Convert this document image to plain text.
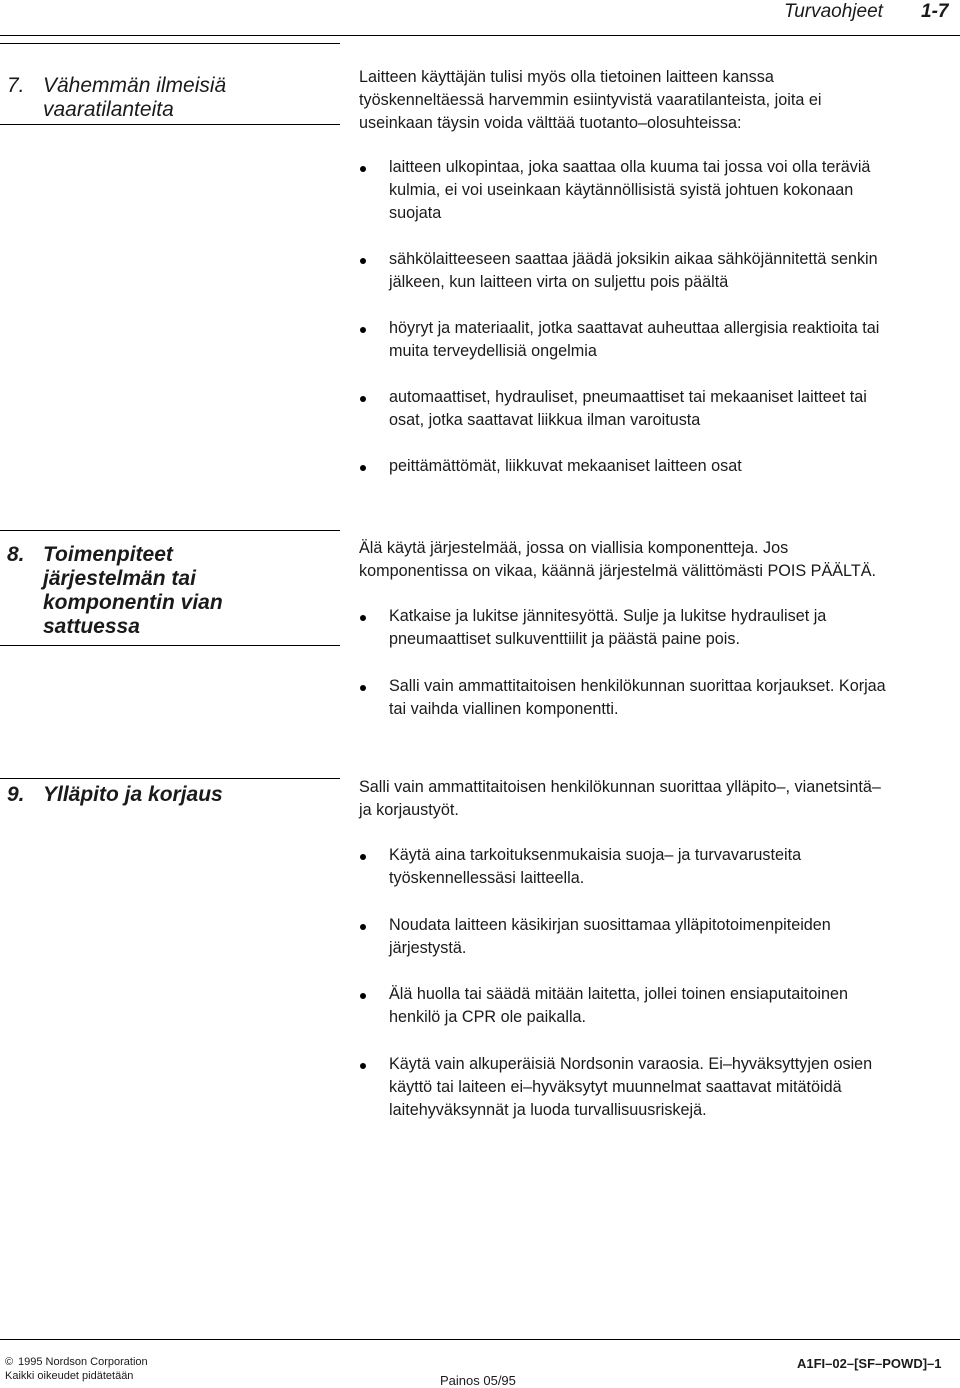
Turvaohjeet 1-7
7. Vähemmän ilmeisiä
vaaratilanteita
Laitteen käyttäjän tulisi myös olla tietoinen laitteen kanssa
työskenneltäessä harvemmin esiintyvistä vaaratilanteista, joita ei
useinkaan täysin voida välttää tuotanto–olosuhteissa:
laitteen ulkopintaa, joka saattaa olla kuuma tai jossa voi olla teräviä
kulmia, ei voi useinkaan käytännöllisistä syistä johtuen kokonaan
suojata
sähkölaitteeseen saattaa jäädä joksikin aikaa sähköjännitettä senkin
jälkeen, kun laitteen virta on suljettu pois päältä
höyryt ja materiaalit, jotka saattavat auheuttaa allergisia reaktioita tai
muita terveydellisiä ongelmia
automaattiset, hydrauliset, pneumaattiset tai mekaaniset laitteet tai
osat, jotka saattavat liikkua ilman varoitusta
peittämättömät, liikkuvat mekaaniset laitteen osat
8. Toimenpiteet
järjestelmän tai
komponentin vian
sattuessa
Älä käytä järjestelmää, jossa on viallisia komponentteja. Jos
komponentissa on vikaa, käännä järjestelmä välittömästi POIS PÄÄLTÄ.
Katkaise ja lukitse jännitesyöttä. Sulje ja lukitse hydrauliset ja
pneumaattiset sulkuventtiilit ja päästä paine pois.
Salli vain ammattitaitoisen henkilökunnan suorittaa korjaukset. Korjaa
tai vaihda viallinen komponentti.
9. Ylläpito ja korjaus	Salli vain ammattitaitoisen henkilökunnan suorittaa ylläpito–, vianetsintä–
ja korjaustyöt.
Käytä aina tarkoituksenmukaisia suoja– ja turvavarusteita
työskennellessäsi laitteella.
Noudata laitteen käsikirjan suosittamaa ylläpitotoimenpiteiden
järjestystä.
Älä huolla tai säädä mitään laitetta, jollei toinen ensiaputaitoinen
henkilö ja CPR ole paikalla.
Käytä vain alkuperäisiä Nordsonin varaosia. Ei–hyväksyttyjen osien
käyttö tai laiteen ei–hyväksytyt muunnelmat saattavat mitätöidä
laitehyväksynnät ja luoda turvallisuusriskejä.
© 1995 Nordson Corporation
Kaikki oikeudet pidätetään	Painos 05/95
A1FI–02–[SF–POWD]–1
